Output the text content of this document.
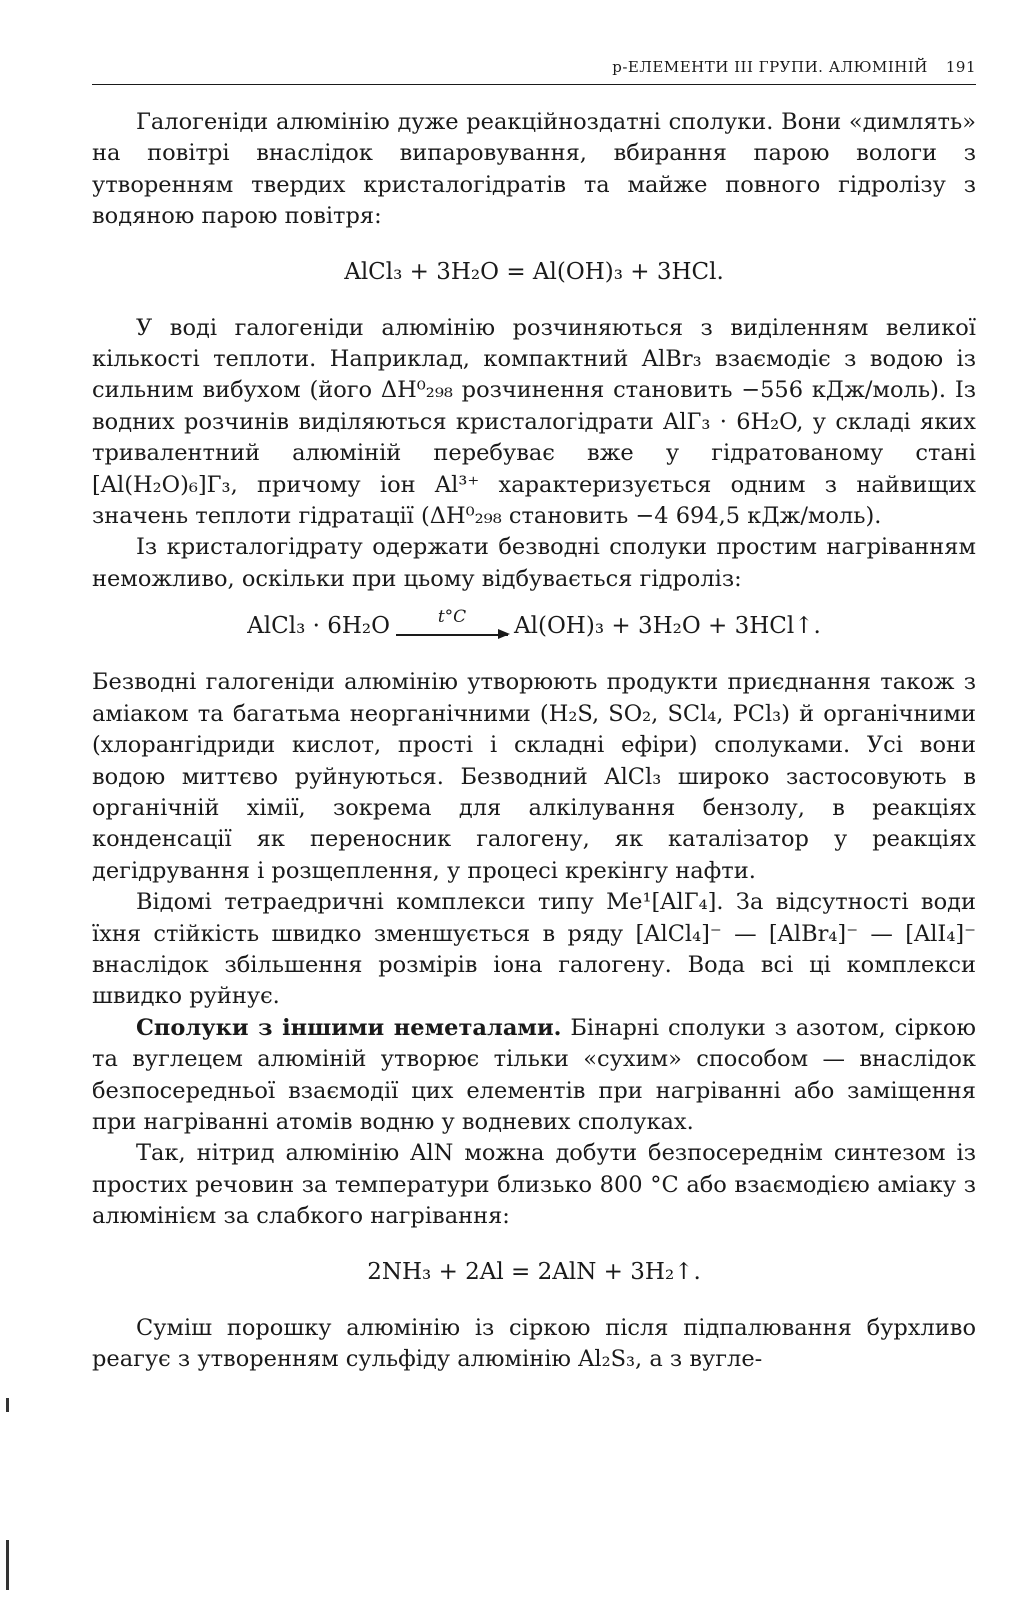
р-ЕЛЕМЕНТИ III ГРУПИ. АЛЮМІНІЙ 191

Галогеніди алюмінію дуже реакційноздатні сполуки. Вони «димлять» на повітрі внаслідок випаровування, вбирання парою вологи з утворенням твердих кристалогідратів та майже повного гідролізу з водяною парою повітря:

AlCl₃ + 3H₂O = Al(OH)₃ + 3HCl.

У воді галогеніди алюмінію розчиняються з виділенням великої кількості теплоти. Наприклад, компактний AlBr₃ взаємодіє з водою із сильним вибухом (його ΔH⁰₂₉₈ розчинення становить −556 кДж/моль). Із водних розчинів виділяються кристалогідрати AlГ₃ · 6H₂O, у складі яких тривалентний алюміній перебуває вже у гідратованому стані [Al(H₂O)₆]Г₃, причому іон Al³⁺ характеризується одним з найвищих значень теплоти гідратації (ΔH⁰₂₉₈ становить −4 694,5 кДж/моль).

Із кристалогідрату одержати безводні сполуки простим нагріванням неможливо, оскільки при цьому відбувається гідроліз:

AlCl₃ · 6H₂O	t°C	Al(OH)₃ + 3H₂O + 3HCl↑.

Безводні галогеніди алюмінію утворюють продукти приєднання також з аміаком та багатьма неорганічними (H₂S, SO₂, SCl₄, PCl₃) й органічними (хлорангідриди кислот, прості і складні ефіри) сполуками. Усі вони водою миттєво руйнуються. Безводний AlCl₃ широко застосовують в органічній хімії, зокрема для алкілування бензолу, в реакціях конденсації як переносник галогену, як каталізатор у реакціях дегідрування і розщеплення, у процесі крекінгу нафти.

Відомі тетраедричні комплекси типу Me¹[AlГ₄]. За відсутності води їхня стійкість швидко зменшується в ряду [AlCl₄]⁻ — [AlBr₄]⁻ — [AlI₄]⁻ внаслідок збільшення розмірів іона галогену. Вода всі ці комплекси швидко руйнує.

Сполуки з іншими неметалами. Бінарні сполуки з азотом, сіркою та вуглецем алюміній утворює тільки «сухим» способом — внаслідок безпосередньої взаємодії цих елементів при нагріванні або заміщення при нагріванні атомів водню у водневих сполуках.

Так, нітрид алюмінію AlN можна добути безпосереднім синтезом із простих речовин за температури близько 800 °C або взаємодією аміаку з алюмінієм за слабкого нагрівання:

2NH₃ + 2Al = 2AlN + 3H₂↑.

Суміш порошку алюмінію із сіркою після підпалювання бурхливо реагує з утворенням сульфіду алюмінію Al₂S₃, а з вугле-
